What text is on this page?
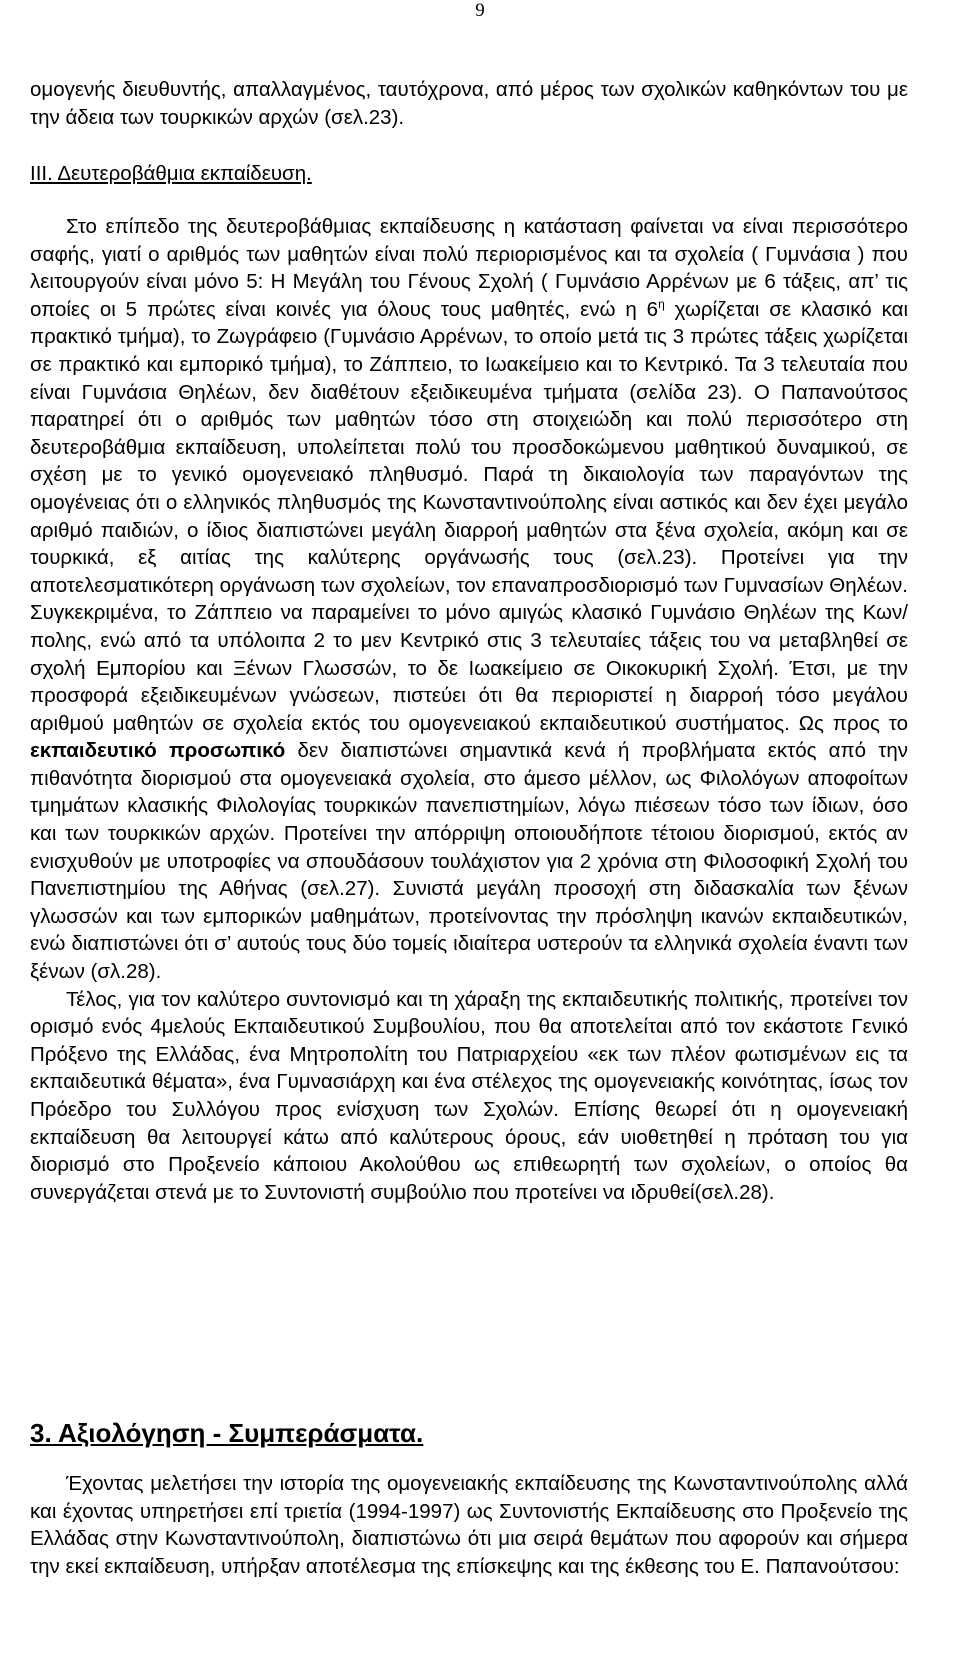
9

ομογενής διευθυντής, απαλλαγμένος, ταυτόχρονα, από μέρος των σχολικών καθηκόντων του με την άδεια των τουρκικών αρχών (σελ.23).

ΙΙΙ. Δευτεροβάθμια εκπαίδευση.

Στο επίπεδο της δευτεροβάθμιας εκπαίδευσης η κατάσταση φαίνεται να είναι περισσότερο σαφής, γιατί ο αριθμός των μαθητών είναι πολύ περιορισμένος και τα σχολεία ( Γυμνάσια ) που λειτουργούν είναι μόνο 5: Η Μεγάλη του Γένους Σχολή ( Γυμνάσιο Αρρένων με 6 τάξεις, απ’ τις οποίες οι 5 πρώτες είναι κοινές για όλους τους μαθητές, ενώ η $6^\eta$ χωρίζεται σε κλασικό και πρακτικό τμήμα), το Ζωγράφειο (Γυμνάσιο Αρρένων, το οποίο μετά τις 3 πρώτες τάξεις χωρίζεται σε πρακτικό και εμπορικό τμήμα), το Ζάππειο, το Ιωακείμειο και το Κεντρικό. Τα 3 τελευταία που είναι Γυμνάσια Θηλέων, δεν διαθέτουν εξειδικευμένα τμήματα (σελίδα 23). Ο Παπανούτσος παρατηρεί ότι ο αριθμός των μαθητών τόσο στη στοιχειώδη και πολύ περισσότερο στη δευτεροβάθμια εκπαίδευση, υπολείπεται πολύ του προσδοκώμενου μαθητικού δυναμικού, σε σχέση με το γενικό ομογενειακό πληθυσμό. Παρά τη δικαιολογία των παραγόντων της ομογένειας ότι ο ελληνικός πληθυσμός της Κωνσταντινούπολης είναι αστικός και δεν έχει μεγάλο αριθμό παιδιών, ο ίδιος διαπιστώνει μεγάλη διαρροή μαθητών στα ξένα σχολεία, ακόμη και σε τουρκικά, εξ αιτίας της καλύτερης οργάνωσής τους (σελ.23). Προτείνει για την αποτελεσματικότερη οργάνωση των σχολείων, τον επαναπροσδιορισμό των Γυμνασίων Θηλέων. Συγκεκριμένα, το Ζάππειο να παραμείνει το μόνο αμιγώς κλασικό Γυμνάσιο Θηλέων της Κων/πολης, ενώ από τα υπόλοιπα 2 το μεν Κεντρικό στις 3 τελευταίες τάξεις του να μεταβληθεί σε σχολή Εμπορίου και Ξένων Γλωσσών, το δε Ιωακείμειο σε Οικοκυρική Σχολή. Έτσι, με την προσφορά εξειδικευμένων γνώσεων, πιστεύει ότι θα περιοριστεί η διαρροή τόσο μεγάλου αριθμού μαθητών σε σχολεία εκτός του ομογενειακού εκπαιδευτικού συστήματος. Ως προς το εκπαιδευτικό προσωπικό δεν διαπιστώνει σημαντικά κενά ή προβλήματα εκτός από την πιθανότητα διορισμού στα ομογενειακά σχολεία, στο άμεσο μέλλον, ως Φιλολόγων αποφοίτων τμημάτων κλασικής Φιλολογίας τουρκικών πανεπιστημίων, λόγω πιέσεων τόσο των ίδιων, όσο και των τουρκικών αρχών. Προτείνει την απόρριψη οποιουδήποτε τέτοιου διορισμού, εκτός αν ενισχυθούν με υποτροφίες να σπουδάσουν τουλάχιστον για 2 χρόνια στη Φιλοσοφική Σχολή του Πανεπιστημίου της Αθήνας (σελ.27). Συνιστά μεγάλη προσοχή στη διδασκαλία των ξένων γλωσσών και των εμπορικών μαθημάτων, προτείνοντας την πρόσληψη ικανών εκπαιδευτικών, ενώ διαπιστώνει ότι σ’ αυτούς τους δύο τομείς ιδιαίτερα υστερούν τα ελληνικά σχολεία έναντι των ξένων (σλ.28).

Τέλος, για τον καλύτερο συντονισμό και τη χάραξη της εκπαιδευτικής πολιτικής, προτείνει τον ορισμό ενός 4μελούς Εκπαιδευτικού Συμβουλίου, που θα αποτελείται από τον εκάστοτε Γενικό Πρόξενο της Ελλάδας, ένα Μητροπολίτη του Πατριαρχείου «εκ των πλέον φωτισμένων εις τα εκπαιδευτικά θέματα», ένα Γυμνασιάρχη και ένα στέλεχος της ομογενειακής κοινότητας, ίσως τον Πρόεδρο του Συλλόγου προς ενίσχυση των Σχολών. Επίσης θεωρεί ότι η ομογενειακή εκπαίδευση θα λειτουργεί κάτω από καλύτερους όρους, εάν υιοθετηθεί η πρόταση του για διορισμό στο Προξενείο κάποιου Ακολούθου ως επιθεωρητή των σχολείων, ο οποίος θα συνεργάζεται στενά με το Συντονιστή συμβούλιο που προτείνει να ιδρυθεί(σελ.28).

3. Αξιολόγηση - Συμπεράσματα.

Έχοντας μελετήσει την ιστορία της ομογενειακής εκπαίδευσης της Κωνσταντινούπολης αλλά και έχοντας υπηρετήσει επί τριετία (1994-1997) ως Συντονιστής Εκπαίδευσης στο Προξενείο της Ελλάδας στην Κωνσταντινούπολη, διαπιστώνω ότι μια σειρά θεμάτων που αφορούν και σήμερα την εκεί εκπαίδευση, υπήρξαν αποτέλεσμα της επίσκεψης και της έκθεσης του Ε. Παπανούτσου:
